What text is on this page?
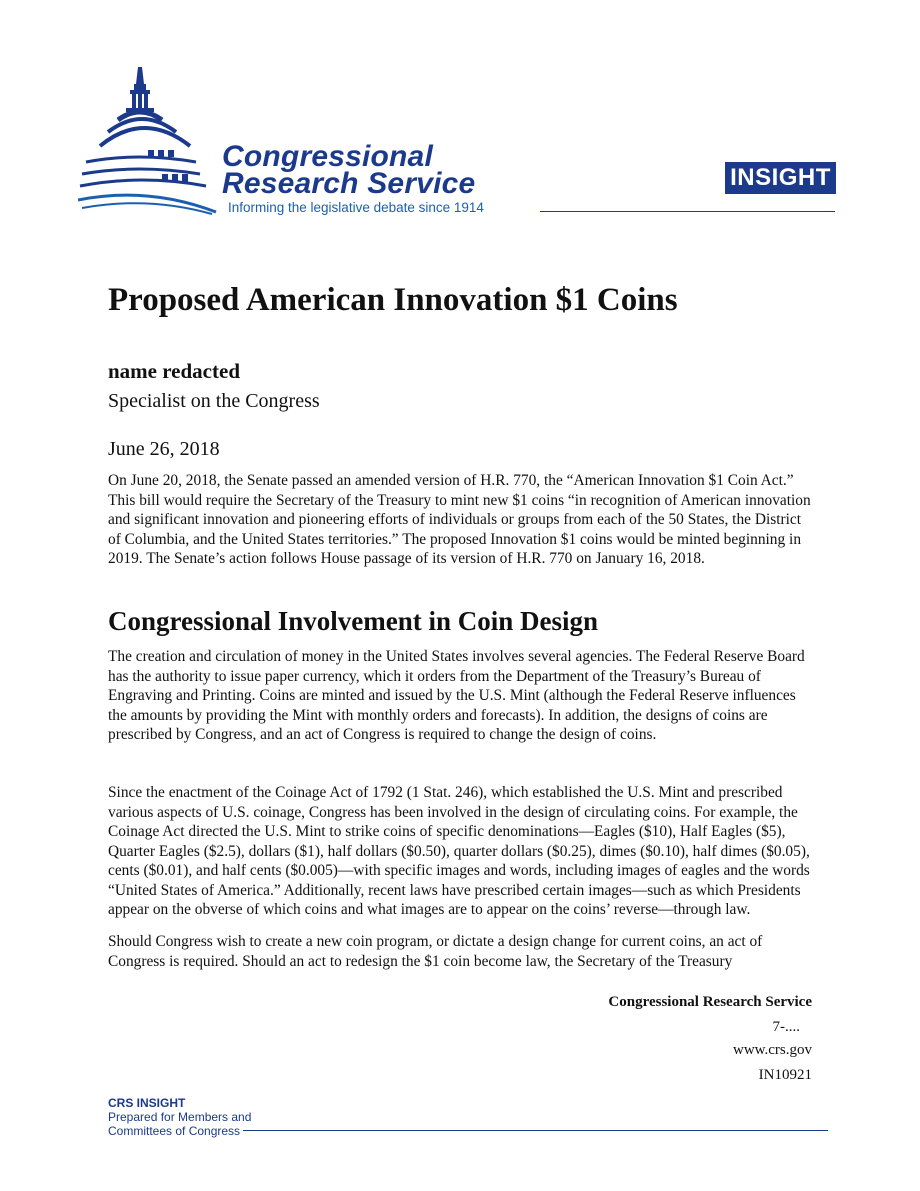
Congressional
Research Service
Informing the legislative debate since 1914
INSIGHT
Proposed American Innovation $1 Coins
name redacted
Specialist on the Congress
June 26, 2018

On June 20, 2018, the Senate passed an amended version of H.R. 770, the “American Innovation $1 Coin Act.” This bill would require the Secretary of the Treasury to mint new $1 coins “in recognition of American innovation and significant innovation and pioneering efforts of individuals or groups from each of the 50 States, the District of Columbia, and the United States territories.” The proposed Innovation $1 coins would be minted beginning in 2019. The Senate’s action follows House passage of its version of H.R. 770 on January 16, 2018.

Congressional Involvement in Coin Design

The creation and circulation of money in the United States involves several agencies. The Federal Reserve Board has the authority to issue paper currency, which it orders from the Department of the Treasury’s Bureau of Engraving and Printing. Coins are minted and issued by the U.S. Mint (although the Federal Reserve influences the amounts by providing the Mint with monthly orders and forecasts). In addition, the designs of coins are prescribed by Congress, and an act of Congress is required to change the design of coins.

Since the enactment of the Coinage Act of 1792 (1 Stat. 246), which established the U.S. Mint and prescribed various aspects of U.S. coinage, Congress has been involved in the design of circulating coins. For example, the Coinage Act directed the U.S. Mint to strike coins of specific denominations—Eagles ($10), Half Eagles ($5), Quarter Eagles ($2.5), dollars ($1), half dollars ($0.50), quarter dollars ($0.25), dimes ($0.10), half dimes ($0.05), cents ($0.01), and half cents ($0.005)—with specific images and words, including images of eagles and the words “United States of America.” Additionally, recent laws have prescribed certain images—such as which Presidents appear on the obverse of which coins and what images are to appear on the coins’ reverse—through law.

Should Congress wish to create a new coin program, or dictate a design change for current coins, an act of Congress is required. Should an act to redesign the $1 coin become law, the Secretary of the Treasury

Congressional Research Service
7-....
www.crs.gov
IN10921
CRS INSIGHT
Prepared for Members and
Committees of Congress
